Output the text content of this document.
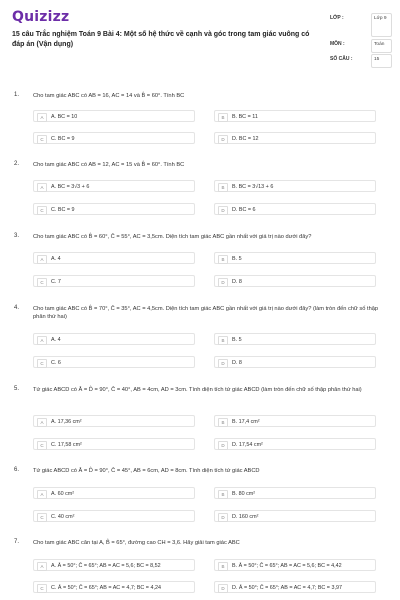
Quizizz
15 câu Trắc nghiệm Toán 9 Bài 4: Một số hệ thức về cạnh và góc trong tam giác vuông có đáp án (Vận dụng)
LỚP :	Lớp 9
MÔN :	Toán
SỐ CÂU :	15
1. Cho tam giác ABC có AB = 16, AC = 14 và B̂ = 60°. Tính BC
A	A. BC = 10	B	B. BC = 11
C	C. BC = 9	D	D. BC = 12
2. Cho tam giác ABC có AB = 12, AC = 15 và B̂ = 60°. Tính BC
A	A. BC = 3√3 + 6	B	B. BC = 3√13 + 6
C	C. BC = 9	D	D. BC = 6
3. Cho tam giác ABC có B̂ = 60°, Ĉ = 55°, AC = 3,5cm. Diện tích tam giác ABC gần nhất với giá trị nào dưới đây?
A	A. 4	B	B. 5
C	C. 7	D	D. 8
4. Cho tam giác ABC có B̂ = 70°, Ĉ = 35°, AC = 4,5cm. Diện tích tam giác ABC gần nhất với giá trị nào dưới đây? (làm tròn đến chữ số thập phân thứ hai)
A	A. 4	B	B. 5
C	C. 6	D	D. 8
5. Tứ giác ABCD có Â = D̂ = 90°, Ĉ = 40°, AB = 4cm, AD = 3cm. Tính diện tích tứ giác ABCD (làm tròn đến chữ số thập phân thứ hai)
A	A. 17,36 cm²	B	B. 17,4 cm²
C	C. 17,58 cm²	D	D. 17,54 cm²
6. Tứ giác ABCD có Â = D̂ = 90°, Ĉ = 45°, AB = 6cm, AD = 8cm. Tính diện tích tứ giác ABCD
A	A. 60 cm²	B	B. 80 cm²
C	C. 40 cm²	D	D. 160 cm²
7. Cho tam giác ABC cân tại A, B̂ = 65°, đường cao CH = 3,6. Hãy giải tam giác ABC
A	A. Â = 50°; Ĉ = 65°; AB = AC = 5,6; BC = 8,52	B	B. Â = 50°; Ĉ = 65°; AB = AC = 5,6; BC = 4,42
C	C. Â = 50°; Ĉ = 65°; AB = AC = 4,7; BC = 4,24	D	D. Â = 50°; Ĉ = 65°; AB = AC = 4,7; BC = 3,97
